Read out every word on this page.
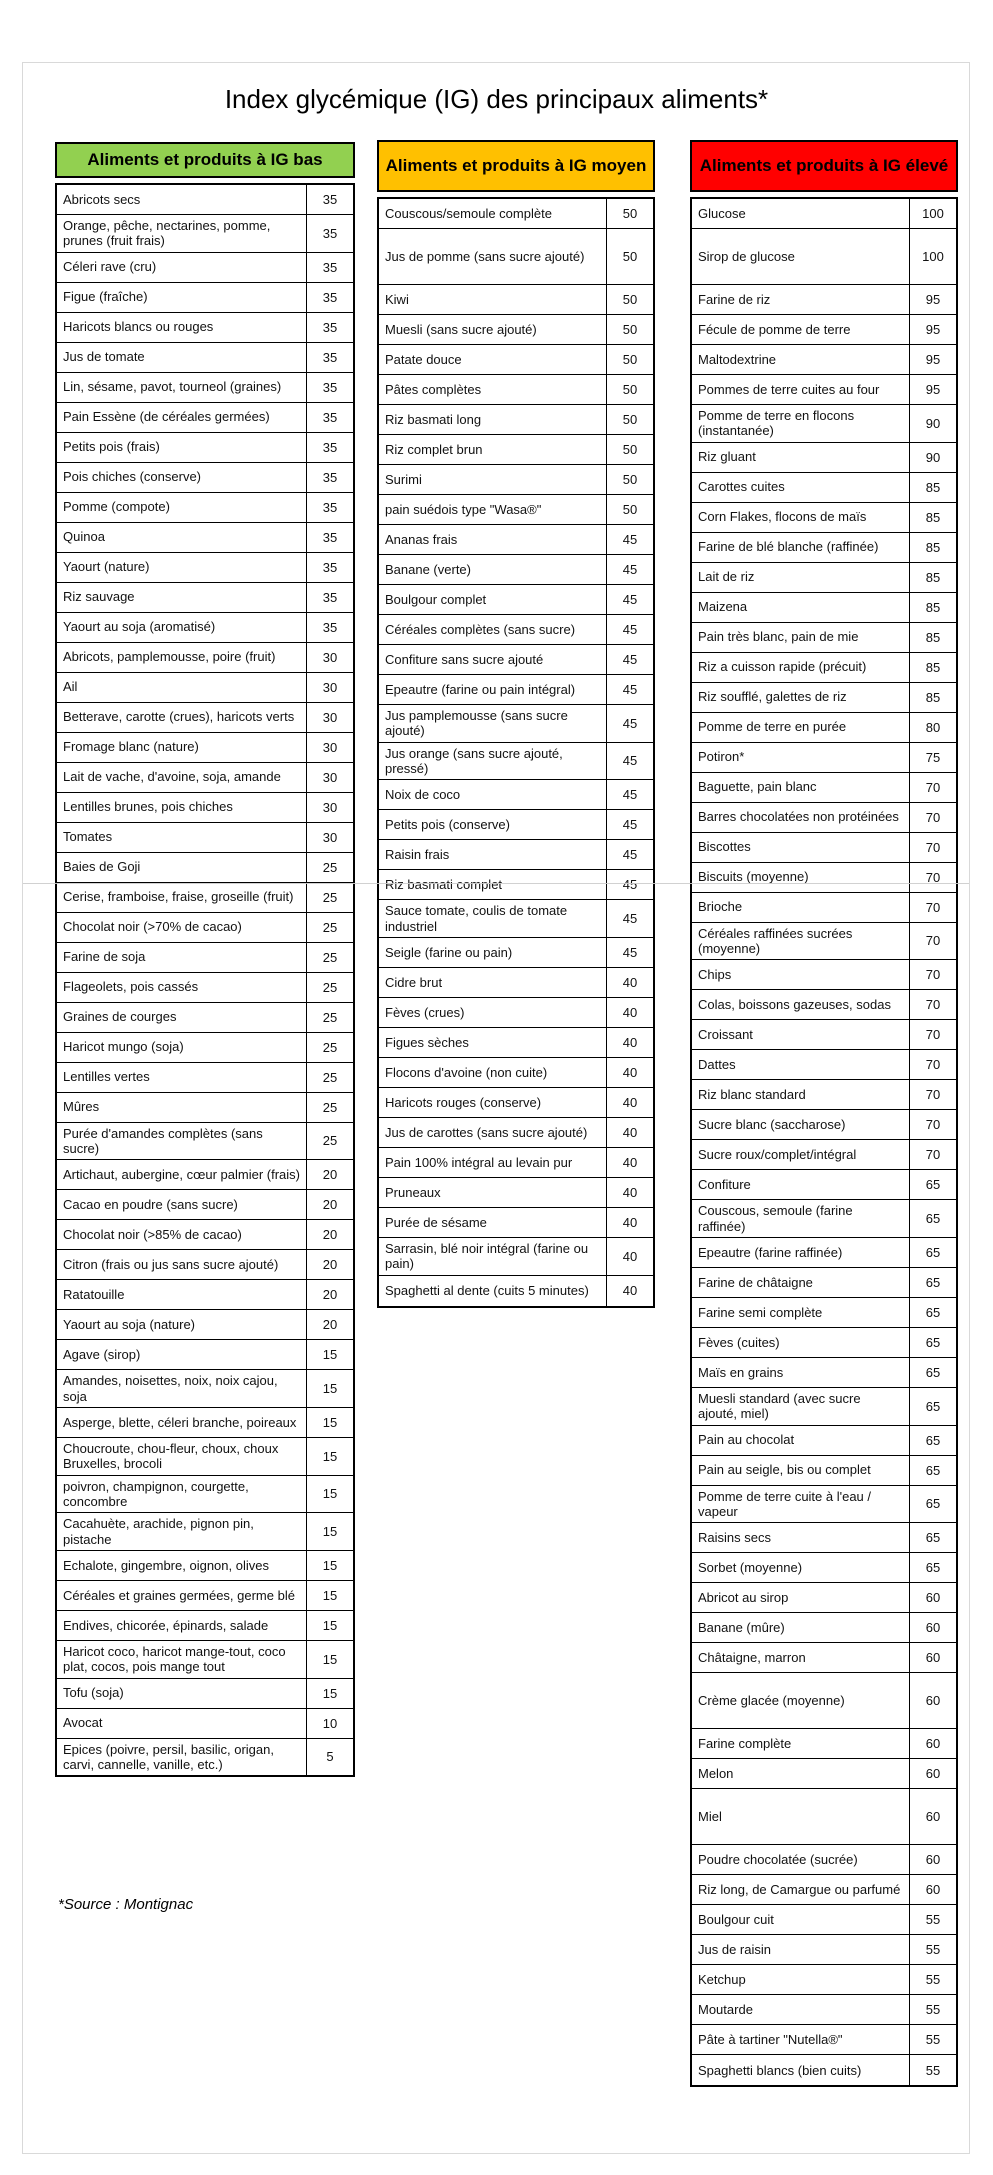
Index glycémique (IG) des principaux aliments*
Aliments et produits à IG bas
Abricots secs	35
Orange, pêche, nectarines, pomme, prunes (fruit frais)	35
Céleri rave (cru)	35
Figue (fraîche)	35
Haricots blancs ou rouges	35
Jus de tomate	35
Lin, sésame, pavot, tourneol (graines)	35
Pain Essène (de céréales germées)	35
Petits pois (frais)	35
Pois chiches (conserve)	35
Pomme (compote)	35
Quinoa	35
Yaourt (nature)	35
Riz sauvage	35
Yaourt au soja (aromatisé)	35
Abricots, pamplemousse, poire (fruit)	30
Ail	30
Betterave, carotte (crues), haricots verts	30
Fromage blanc (nature)	30
Lait de vache, d'avoine, soja, amande	30
Lentilles brunes, pois chiches	30
Tomates	30
Baies de Goji	25
Cerise, framboise, fraise, groseille (fruit)	25
Chocolat noir (>70% de cacao)	25
Farine de soja	25
Flageolets, pois cassés	25
Graines de courges	25
Haricot mungo (soja)	25
Lentilles vertes	25
Mûres	25
Purée d'amandes complètes (sans sucre)	25
Artichaut, aubergine, cœur palmier (frais)	20
Cacao en poudre (sans sucre)	20
Chocolat noir (>85% de cacao)	20
Citron (frais ou jus sans sucre ajouté)	20
Ratatouille	20
Yaourt au soja (nature)	20
Agave (sirop)	15
Amandes, noisettes, noix, noix cajou, soja	15
Asperge, blette, céleri branche, poireaux	15
Choucroute, chou-fleur, choux, choux Bruxelles, brocoli	15
poivron, champignon, courgette, concombre	15
Cacahuète, arachide, pignon pin, pistache	15
Echalote, gingembre, oignon, olives	15
Céréales et graines germées, germe blé	15
Endives, chicorée, épinards, salade	15
Haricot coco, haricot mange-tout, coco plat, cocos, pois mange tout	15
Tofu (soja)	15
Avocat	10
Epices (poivre, persil, basilic, origan, carvi, cannelle, vanille, etc.)	5
Aliments et produits à IG moyen
Couscous/semoule complète	50
Jus de pomme (sans sucre ajouté)	50
Kiwi	50
Muesli (sans sucre ajouté)	50
Patate douce	50
Pâtes complètes	50
Riz basmati long	50
Riz complet brun	50
Surimi	50
pain suédois type "Wasa®"	50
Ananas frais	45
Banane (verte)	45
Boulgour complet	45
Céréales complètes (sans sucre)	45
Confiture sans sucre ajouté	45
Epeautre (farine ou pain intégral)	45
Jus pamplemousse (sans sucre ajouté)	45
Jus orange (sans sucre ajouté, pressé)	45
Noix de coco	45
Petits pois (conserve)	45
Raisin frais	45
Riz basmati complet	45
Sauce tomate, coulis de tomate industriel	45
Seigle (farine ou pain)	45
Cidre brut	40
Fèves (crues)	40
Figues sèches	40
Flocons d'avoine (non cuite)	40
Haricots rouges (conserve)	40
Jus de carottes (sans sucre ajouté)	40
Pain 100% intégral au levain pur	40
Pruneaux	40
Purée de sésame	40
Sarrasin, blé noir intégral (farine ou pain)	40
Spaghetti al dente (cuits 5 minutes)	40
Aliments et produits à IG élevé
Glucose	100
Sirop de glucose	100
Farine de riz	95
Fécule de pomme de terre	95
Maltodextrine	95
Pommes de terre cuites au four	95
Pomme de terre en flocons (instantanée)	90
Riz gluant	90
Carottes cuites	85
Corn Flakes, flocons de maïs	85
Farine de blé blanche (raffinée)	85
Lait de riz	85
Maizena	85
Pain très blanc, pain de mie	85
Riz a cuisson rapide (précuit)	85
Riz soufflé, galettes de riz	85
Pomme de terre en purée	80
Potiron*	75
Baguette, pain blanc	70
Barres chocolatées non protéinées	70
Biscottes	70
Biscuits (moyenne)	70
Brioche	70
Céréales raffinées sucrées (moyenne)	70
Chips	70
Colas, boissons gazeuses, sodas	70
Croissant	70
Dattes	70
Riz blanc standard	70
Sucre blanc (saccharose)	70
Sucre roux/complet/intégral	70
Confiture	65
Couscous, semoule (farine raffinée)	65
Epeautre (farine raffinée)	65
Farine de châtaigne	65
Farine semi complète	65
Fèves (cuites)	65
Maïs en grains	65
Muesli standard (avec sucre ajouté, miel)	65
Pain au chocolat	65
Pain au seigle, bis ou complet	65
Pomme de terre cuite à l'eau / vapeur	65
Raisins secs	65
Sorbet (moyenne)	65
Abricot au sirop	60
Banane (mûre)	60
Châtaigne, marron	60
Crème glacée (moyenne)	60
Farine complète	60
Melon	60
Miel	60
Poudre chocolatée (sucrée)	60
Riz long, de Camargue ou parfumé	60
Boulgour cuit	55
Jus de raisin	55
Ketchup	55
Moutarde	55
Pâte à tartiner "Nutella®"	55
Spaghetti blancs (bien cuits)	55
*Source : Montignac
